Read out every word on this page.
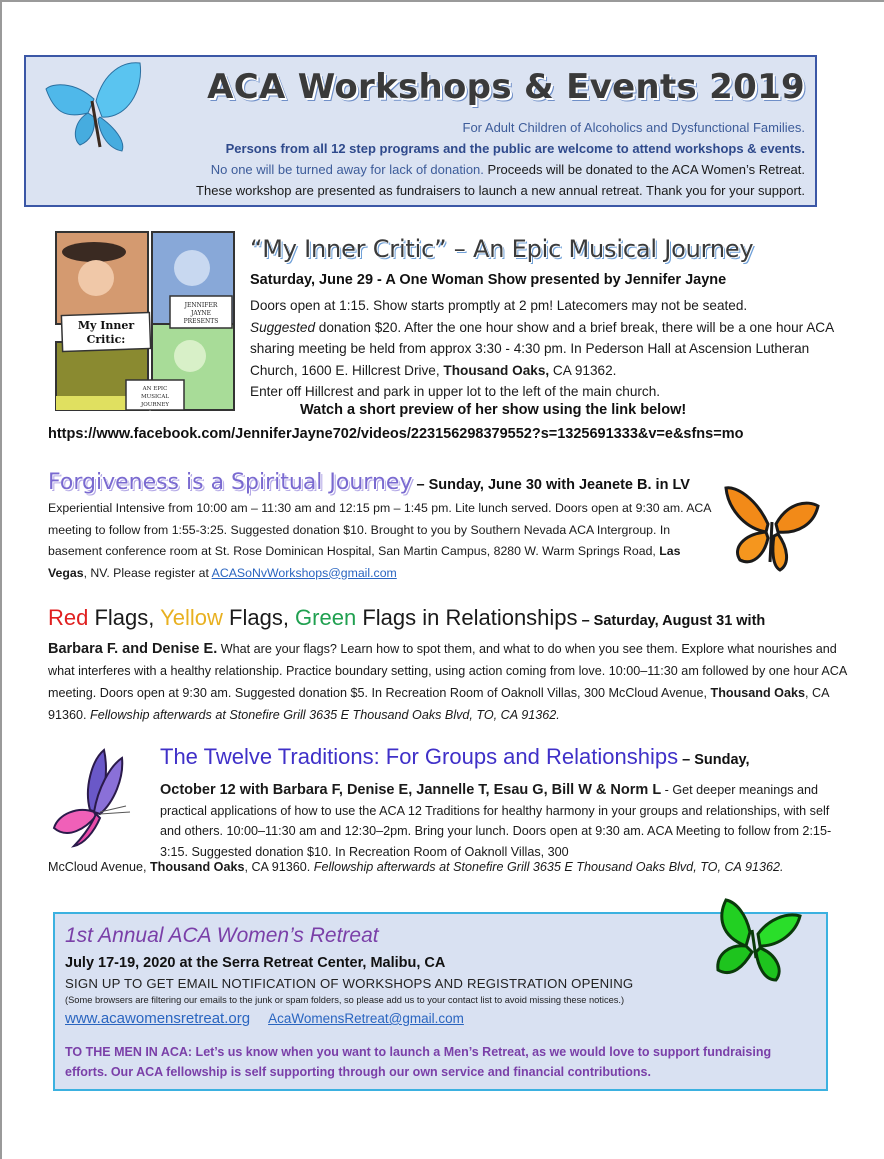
ACA Workshops & Events 2019
For Adult Children of Alcoholics and Dysfunctional Families.
Persons from all 12 step programs and the public are welcome to attend workshops & events.
No one will be turned away for lack of donation. Proceeds will be donated to the ACA Women’s Retreat.
These workshop are presented as fundraisers to launch a new annual retreat. Thank you for your support.
JENNIFER
JAYNE
PRESENTS
My Inner
Critic:
AN EPIC
MUSICAL
JOURNEY
“My Inner Critic” – An Epic Musical Journey
Saturday, June 29 - A One Woman Show presented by Jennifer Jayne
Doors open at 1:15. Show starts promptly at 2 pm! Latecomers may not be seated.
Suggested donation $20. After the one hour show and a brief break, there will be a one hour ACA sharing meeting be held from approx 3:30 - 4:30 pm. In Pederson Hall at Ascension Lutheran Church, 1600 E. Hillcrest Drive, Thousand Oaks, CA 91362.
Enter off Hillcrest and park in upper lot to the left of the main church.
Watch a short preview of her show using the link below!
https://www.facebook.com/JenniferJayne702/videos/223156298379552?s=1325691333&v=e&sfns=mo
Forgiveness is a Spiritual Journey – Sunday, June 30 with Jeanete B. in LV
Experiential Intensive from 10:00 am – 11:30 am and 12:15 pm – 1:45 pm. Lite lunch served. Doors open at 9:30 am. ACA meeting to follow from 1:55-3:25. Suggested donation $10. Brought to you by Southern Nevada ACA Intergroup. In basement conference room at St. Rose Dominican Hospital, San Martin Campus, 8280 W. Warm Springs Road, Las Vegas, NV. Please register at ACASoNvWorkshops@gmail.com
Red Flags, Yellow Flags, Green Flags in Relationships – Saturday, August 31 with
Barbara F. and Denise E. What are your flags? Learn how to spot them, and what to do when you see them. Explore what nourishes and what interferes with a healthy relationship. Practice boundary setting, using action coming from love. 10:00–11:30 am followed by one hour ACA meeting. Doors open at 9:30 am. Suggested donation $5. In Recreation Room of Oaknoll Villas, 300 McCloud Avenue, Thousand Oaks, CA 91360. Fellowship afterwards at Stonefire Grill 3635 E Thousand Oaks Blvd, TO, CA 91362.
The Twelve Traditions: For Groups and Relationships – Sunday,
October 12 with Barbara F, Denise E, Jannelle T, Esau G, Bill W & Norm L - Get deeper meanings and practical applications of how to use the ACA 12 Traditions for healthy harmony in your groups and relationships, with self and others. 10:00–11:30 am and 12:30–2pm. Bring your lunch. Doors open at 9:30 am. ACA Meeting to follow from 2:15-3:15. Suggested donation $10. In Recreation Room of Oaknoll Villas, 300
McCloud Avenue, Thousand Oaks, CA 91360. Fellowship afterwards at Stonefire Grill 3635 E Thousand Oaks Blvd, TO, CA 91362.
1st Annual ACA Women’s Retreat
July 17-19, 2020 at the Serra Retreat Center, Malibu, CA
SIGN UP TO GET EMAIL NOTIFICATION OF WORKSHOPS AND REGISTRATION OPENING
(Some browsers are filtering our emails to the junk or spam folders, so please add us to your contact list to avoid missing these notices.)
www.acawomensretreat.org AcaWomensRetreat@gmail.com
TO THE MEN IN ACA: Let’s us know when you want to launch a Men’s Retreat, as we would love to support fundraising efforts. Our ACA fellowship is self supporting through our own service and financial contributions.
